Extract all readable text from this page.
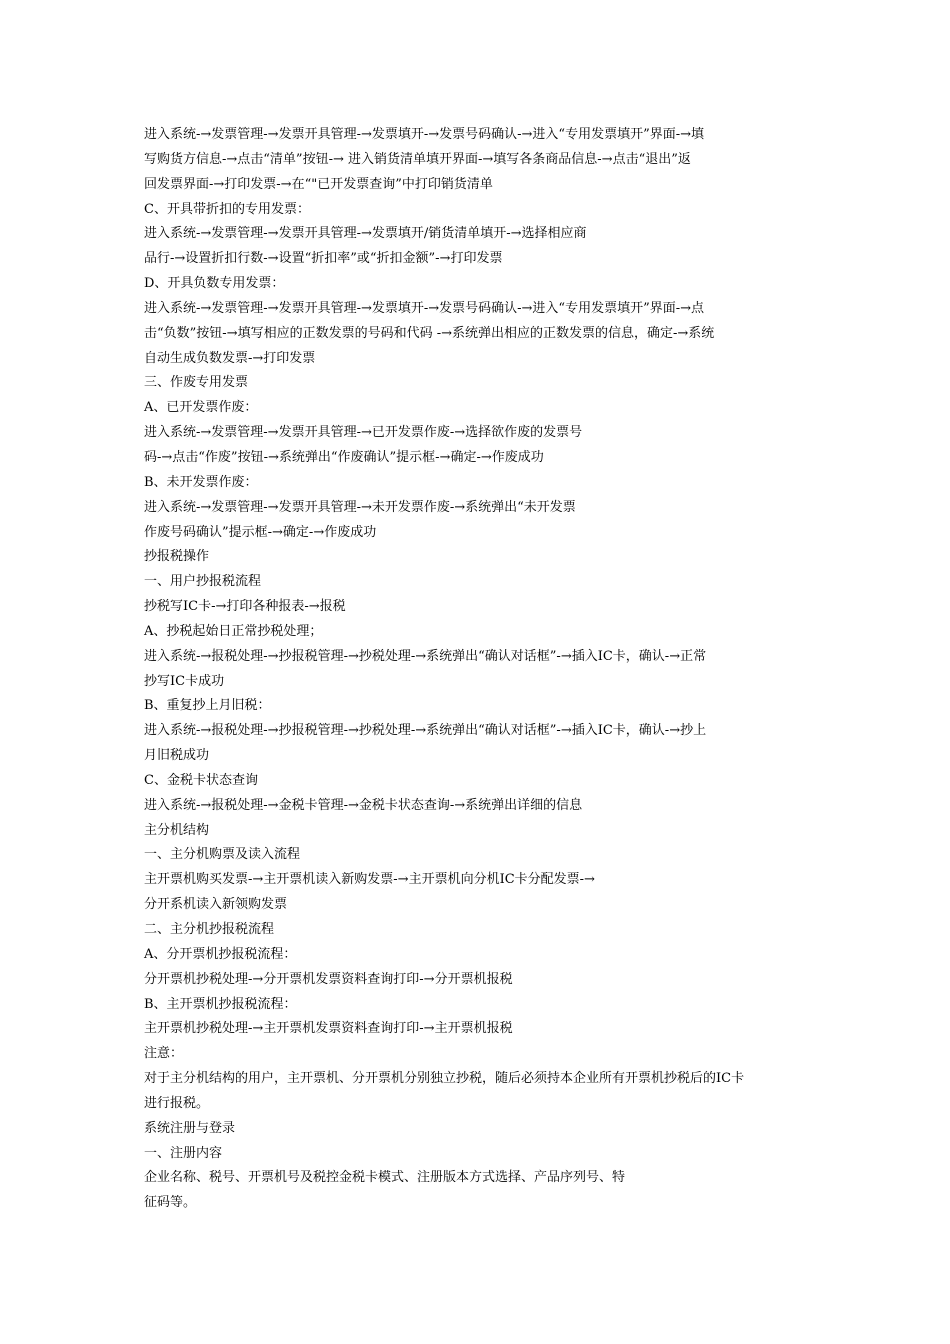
进入系统-→发票管理-→发票开具管理-→发票填开-→发票号码确认-→进入“专用发票填开”界面-→填
写购货方信息-→点击“清单”按钮-→ 进入销货清单填开界面-→填写各条商品信息-→点击“退出”返
回发票界面-→打印发票-→在“"已开发票查询”中打印销货清单
C、开具带折扣的专用发票：
进入系统-→发票管理-→发票开具管理-→发票填开/销货清单填开-→选择相应商
品行-→设置折扣行数-→设置“折扣率”或“折扣金额”-→打印发票
D、开具负数专用发票：
进入系统-→发票管理-→发票开具管理-→发票填开-→发票号码确认-→进入“专用发票填开”界面-→点
击“负数”按钮-→填写相应的正数发票的号码和代码 -→系统弹出相应的正数发票的信息，确定-→系统
自动生成负数发票-→打印发票
三、作废专用发票
A、已开发票作废：
进入系统-→发票管理-→发票开具管理-→已开发票作废-→选择欲作废的发票号
码-→点击“作废”按钮-→系统弹出“作废确认”提示框-→确定-→作废成功
B、未开发票作废：
进入系统-→发票管理-→发票开具管理-→未开发票作废-→系统弹出“未开发票
作废号码确认”提示框-→确定-→作废成功
抄报税操作
一、用户抄报税流程
抄税写IC卡-→打印各种报表-→报税
A、抄税起始日正常抄税处理；
进入系统-→报税处理-→抄报税管理-→抄税处理-→系统弹出“确认对话框”-→插入IC卡，确认-→正常
抄写IC卡成功
B、重复抄上月旧税：
进入系统-→报税处理-→抄报税管理-→抄税处理-→系统弹出“确认对话框”-→插入IC卡，确认-→抄上
月旧税成功
C、金税卡状态查询
进入系统-→报税处理-→金税卡管理-→金税卡状态查询-→系统弹出详细的信息
主分机结构
一、主分机购票及读入流程
主开票机购买发票-→主开票机读入新购发票-→主开票机向分机IC卡分配发票-→
分开系机读入新领购发票
二、主分机抄报税流程
A、分开票机抄报税流程：
分开票机抄税处理-→分开票机发票资料查询打印-→分开票机报税
B、主开票机抄报税流程：
主开票机抄税处理-→主开票机发票资料查询打印-→主开票机报税
注意：
对于主分机结构的用户，主开票机、分开票机分别独立抄税，随后必须持本企业所有开票机抄税后的IC卡
进行报税。
系统注册与登录
一、注册内容
企业名称、税号、开票机号及税控金税卡模式、注册版本方式选择、产品序列号、特
征码等。
